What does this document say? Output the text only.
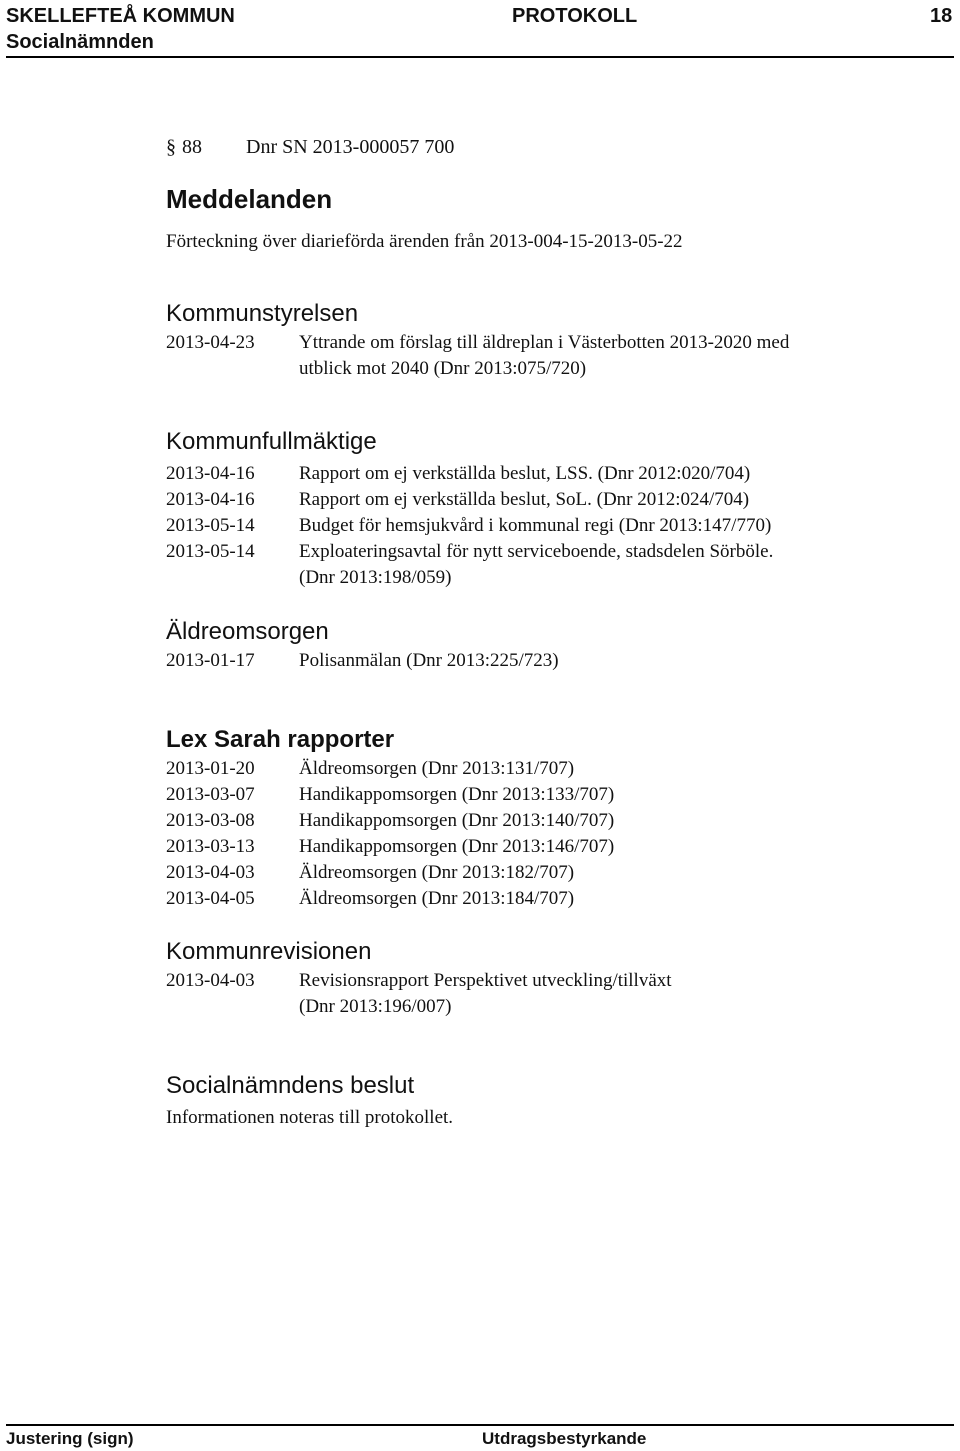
SKELLEFTEÅ KOMMUN	PROTOKOLL	18
Socialnämnden
§ 88 Dnr SN 2013-000057 700
Meddelanden
Förteckning över diarieförda ärenden från 2013-004-15-2013-05-22
Kommunstyrelsen
2013-04-23 Yttrande om förslag till äldreplan i Västerbotten 2013-2020 med
utblick mot 2040 (Dnr 2013:075/720)
Kommunfullmäktige
2013-04-16 Rapport om ej verkställda beslut, LSS. (Dnr 2012:020/704)
2013-04-16 Rapport om ej verkställda beslut, SoL. (Dnr 2012:024/704)
2013-05-14 Budget för hemsjukvård i kommunal regi (Dnr 2013:147/770)
2013-05-14 Exploateringsavtal för nytt serviceboende, stadsdelen Sörböle.
(Dnr 2013:198/059)
Äldreomsorgen
2013-01-17 Polisanmälan (Dnr 2013:225/723)
Lex Sarah rapporter
2013-01-20 Äldreomsorgen (Dnr 2013:131/707)
2013-03-07 Handikappomsorgen (Dnr 2013:133/707)
2013-03-08 Handikappomsorgen (Dnr 2013:140/707)
2013-03-13 Handikappomsorgen (Dnr 2013:146/707)
2013-04-03 Äldreomsorgen (Dnr 2013:182/707)
2013-04-05 Äldreomsorgen (Dnr 2013:184/707)
Kommunrevisionen
2013-04-03 Revisionsrapport Perspektivet utveckling/tillväxt
(Dnr 2013:196/007)
Socialnämndens beslut
Informationen noteras till protokollet.
Justering (sign)	Utdragsbestyrkande
